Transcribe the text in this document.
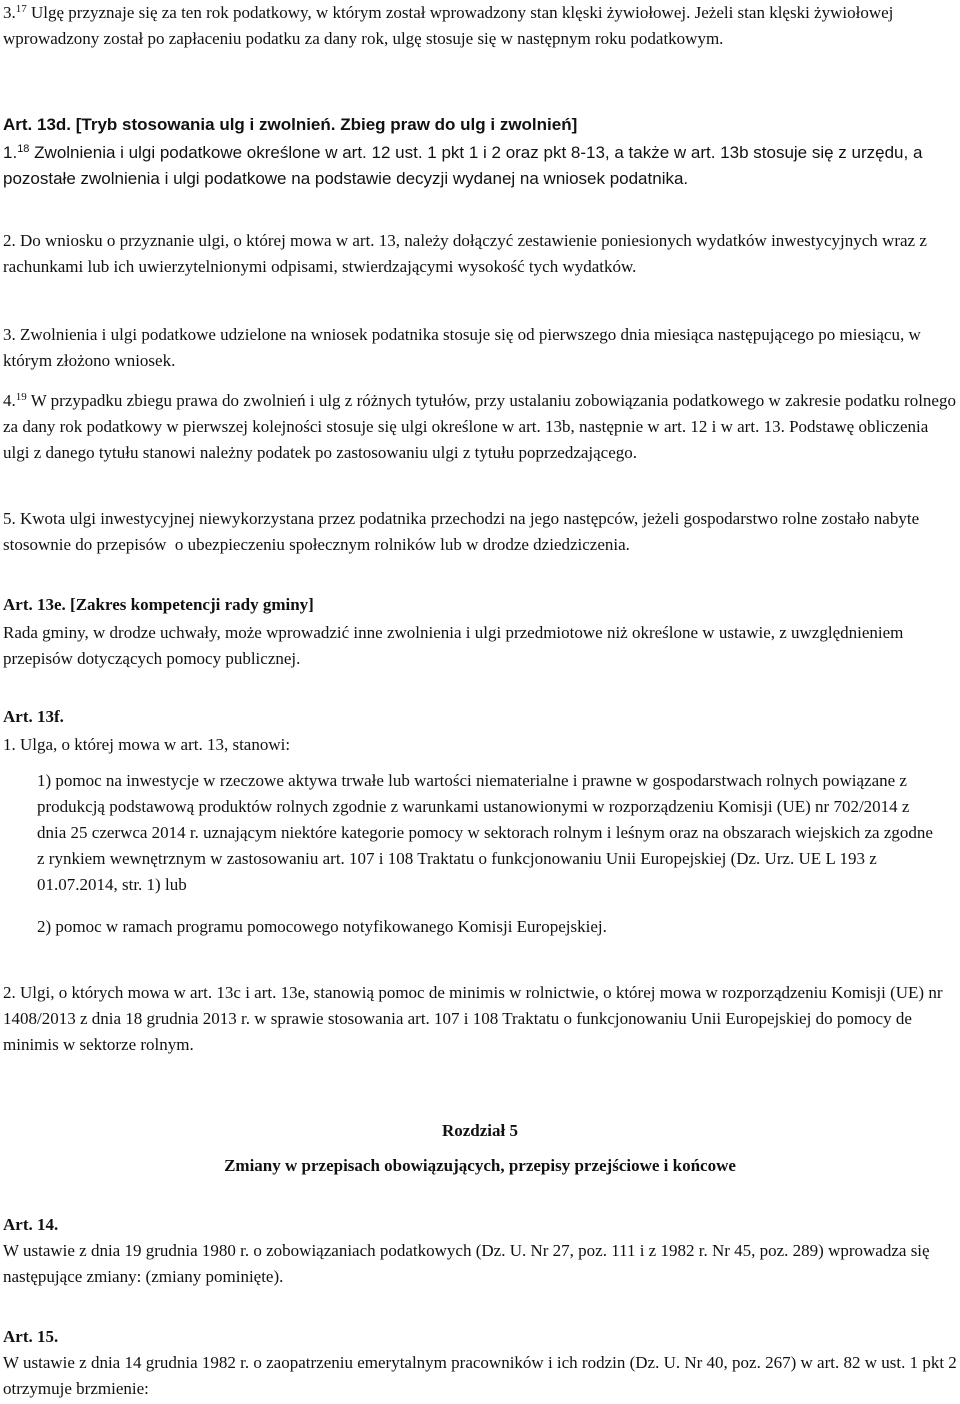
3.17 Ulgę przyznaje się za ten rok podatkowy, w którym został wprowadzony stan klęski żywiołowej. Jeżeli stan klęski żywiołowej wprowadzony został po zapłaceniu podatku za dany rok, ulgę stosuje się w następnym roku podatkowym.

Art. 13d. [Tryb stosowania ulg i zwolnień. Zbieg praw do ulg i zwolnień]

1.18 Zwolnienia i ulgi podatkowe określone w art. 12 ust. 1 pkt 1 i 2 oraz pkt 8-13, a także w art. 13b stosuje się z urzędu, a pozostałe zwolnienia i ulgi podatkowe na podstawie decyzji wydanej na wniosek podatnika.

2. Do wniosku o przyznanie ulgi, o której mowa w art. 13, należy dołączyć zestawienie poniesionych wydatków inwestycyjnych wraz z rachunkami lub ich uwierzytelnionymi odpisami, stwierdzającymi wysokość tych wydatków.

3. Zwolnienia i ulgi podatkowe udzielone na wniosek podatnika stosuje się od pierwszego dnia miesiąca następującego po miesiącu, w którym złożono wniosek.

4.19 W przypadku zbiegu prawa do zwolnień i ulg z różnych tytułów, przy ustalaniu zobowiązania podatkowego w zakresie podatku rolnego za dany rok podatkowy w pierwszej kolejności stosuje się ulgi określone w art. 13b, następnie w art. 12 i w art. 13. Podstawę obliczenia ulgi z danego tytułu stanowi należny podatek po zastosowaniu ulgi z tytułu poprzedzającego.

5. Kwota ulgi inwestycyjnej niewykorzystana przez podatnika przechodzi na jego następców, jeżeli gospodarstwo rolne zostało nabyte stosownie do przepisów  o ubezpieczeniu społecznym rolników lub w drodze dziedziczenia.

Art. 13e. [Zakres kompetencji rady gminy]

Rada gminy, w drodze uchwały, może wprowadzić inne zwolnienia i ulgi przedmiotowe niż określone w ustawie, z uwzględnieniem przepisów dotyczących pomocy publicznej.

Art. 13f.

1. Ulga, o której mowa w art. 13, stanowi:

1) pomoc na inwestycje w rzeczowe aktywa trwałe lub wartości niematerialne i prawne w gospodarstwach rolnych powiązane z produkcją podstawową produktów rolnych zgodnie z warunkami ustanowionymi w rozporządzeniu Komisji (UE) nr 702/2014 z dnia 25 czerwca 2014 r. uznającym niektóre kategorie pomocy w sektorach rolnym i leśnym oraz na obszarach wiejskich za zgodne z rynkiem wewnętrznym w zastosowaniu art. 107 i 108 Traktatu o funkcjonowaniu Unii Europejskiej (Dz. Urz. UE L 193 z 01.07.2014, str. 1) lub

2) pomoc w ramach programu pomocowego notyfikowanego Komisji Europejskiej.

2. Ulgi, o których mowa w art. 13c i art. 13e, stanowią pomoc de minimis w rolnictwie, o której mowa w rozporządzeniu Komisji (UE) nr 1408/2013 z dnia 18 grudnia 2013 r. w sprawie stosowania art. 107 i 108 Traktatu o funkcjonowaniu Unii Europejskiej do pomocy de minimis w sektorze rolnym.

Rozdział 5

Zmiany w przepisach obowiązujących, przepisy przejściowe i końcowe

Art. 14.

W ustawie z dnia 19 grudnia 1980 r. o zobowiązaniach podatkowych (Dz. U. Nr 27, poz. 111 i z 1982 r. Nr 45, poz. 289) wprowadza się następujące zmiany: (zmiany pominięte).

Art. 15.

W ustawie z dnia 14 grudnia 1982 r. o zaopatrzeniu emerytalnym pracowników i ich rodzin (Dz. U. Nr 40, poz. 267) w art. 82 w ust. 1 pkt 2 otrzymuje brzmienie:
